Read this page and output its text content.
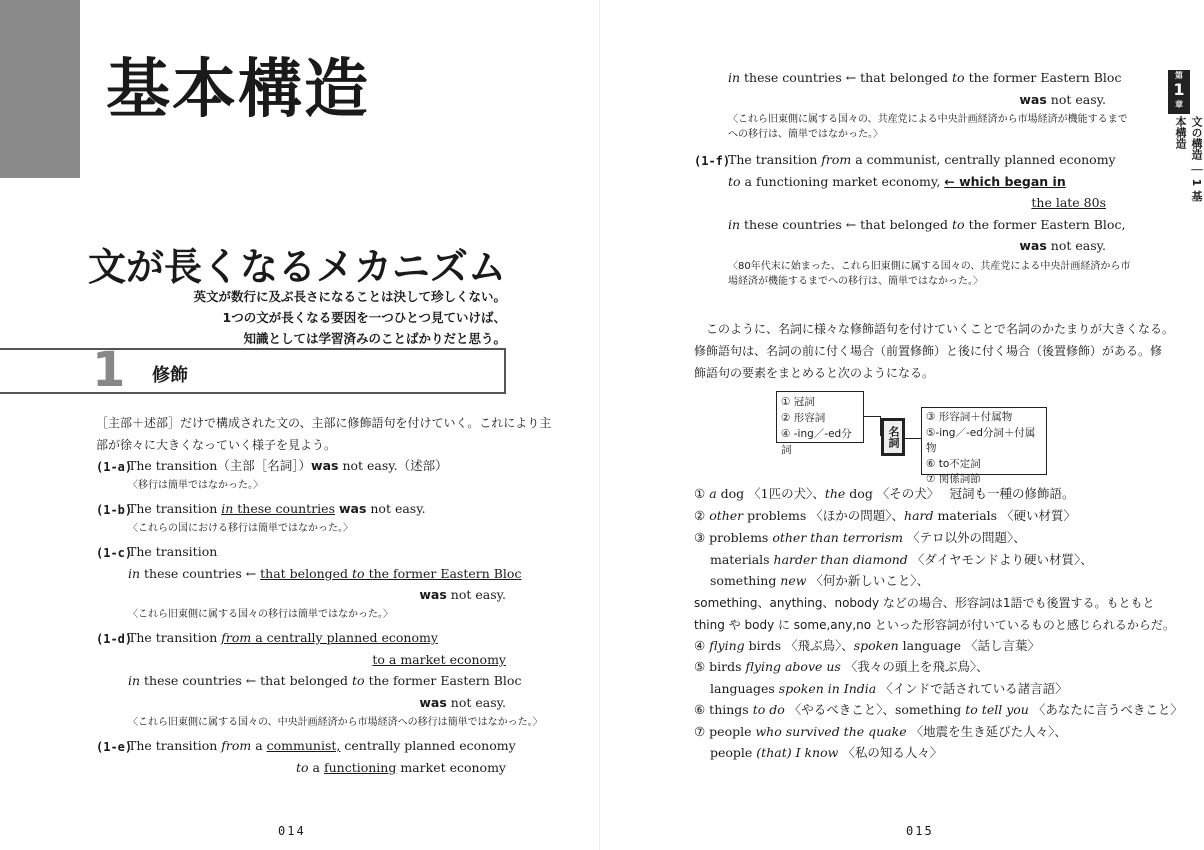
基本構造
文が長くなるメカニズム
英文が数行に及ぶ長さになることは決して珍しくない。
1つの文が長くなる要因を一つひとつ見ていけば、
知識としては学習済みのことばかりだと思う。
1 修飾
［主部＋述部］だけで構成された文の、主部に修飾語句を付けていく。これにより主
部が徐々に大きくなっていく様子を見よう。
(1-a)
The transition（主部［名詞］）was not easy.（述部）
〈移行は簡単ではなかった。〉
(1-b)
The transition in these countries was not easy.
〈これらの国における移行は簡単ではなかった。〉
(1-c)
The transition
in these countries ← that belonged to the former Eastern Bloc
was not easy.
〈これら旧東側に属する国々の移行は簡単ではなかった。〉
(1-d)
The transition from a centrally planned economy
to a market economy
in these countries ← that belonged to the former Eastern Bloc
was not easy.
〈これら旧東側に属する国々の、中央計画経済から市場経済への移行は簡単ではなかった。〉
(1-e)
The transition from a communist, centrally planned economy
to a functioning market economy
014
第
1
章
文の構造 ｜ 1 基本構造
in these countries ← that belonged to the former Eastern Bloc
was not easy.
〈これら旧東側に属する国々の、共産党による中央計画経済から市場経済が機能するまで
への移行は、簡単ではなかった。〉
(1-f)
The transition from a communist, centrally planned economy
to a functioning market economy, ← which began in
the late 80s
in these countries ← that belonged to the former Eastern Bloc,
was not easy.
〈80年代末に始まった、これら旧東側に属する国々の、共産党による中央計画経済から市
場経済が機能するまでへの移行は、簡単ではなかった。〉
　このように、名詞に様々な修飾語句を付けていくことで名詞のかたまりが大きくなる。
修飾語句は、名詞の前に付く場合（前置修飾）と後に付く場合（後置修飾）がある。修
飾語句の要素をまとめると次のようになる。
① 冠詞
② 形容詞
④ -ing／-ed分詞
名詞
③ 形容詞＋付属物
⑤-ing／-ed分詞＋付属物
⑥ to不定詞
⑦ 関係詞節
① a dog 〈1匹の犬〉、the dog 〈その犬〉　 冠詞も一種の修飾語。
② other problems 〈ほかの問題〉、hard materials 〈硬い材質〉
③ problems other than terrorism 〈テロ以外の問題〉、
materials harder than diamond 〈ダイヤモンドより硬い材質〉、
something new 〈何か新しいこと〉、
something、anything、nobody などの場合、形容詞は1語でも後置する。もともと
thing や body に some,any,no といった形容詞が付いているものと感じられるからだ。
④ flying birds 〈飛ぶ鳥〉、spoken language 〈話し言葉〉
⑤ birds flying above us 〈我々の頭上を飛ぶ鳥〉、
languages spoken in India 〈インドで話されている諸言語〉
⑥ things to do 〈やるべきこと〉、something to tell you 〈あなたに言うべきこと〉
⑦ people who survived the quake 〈地震を生き延びた人々〉、
people (that) I know 〈私の知る人々〉
015
